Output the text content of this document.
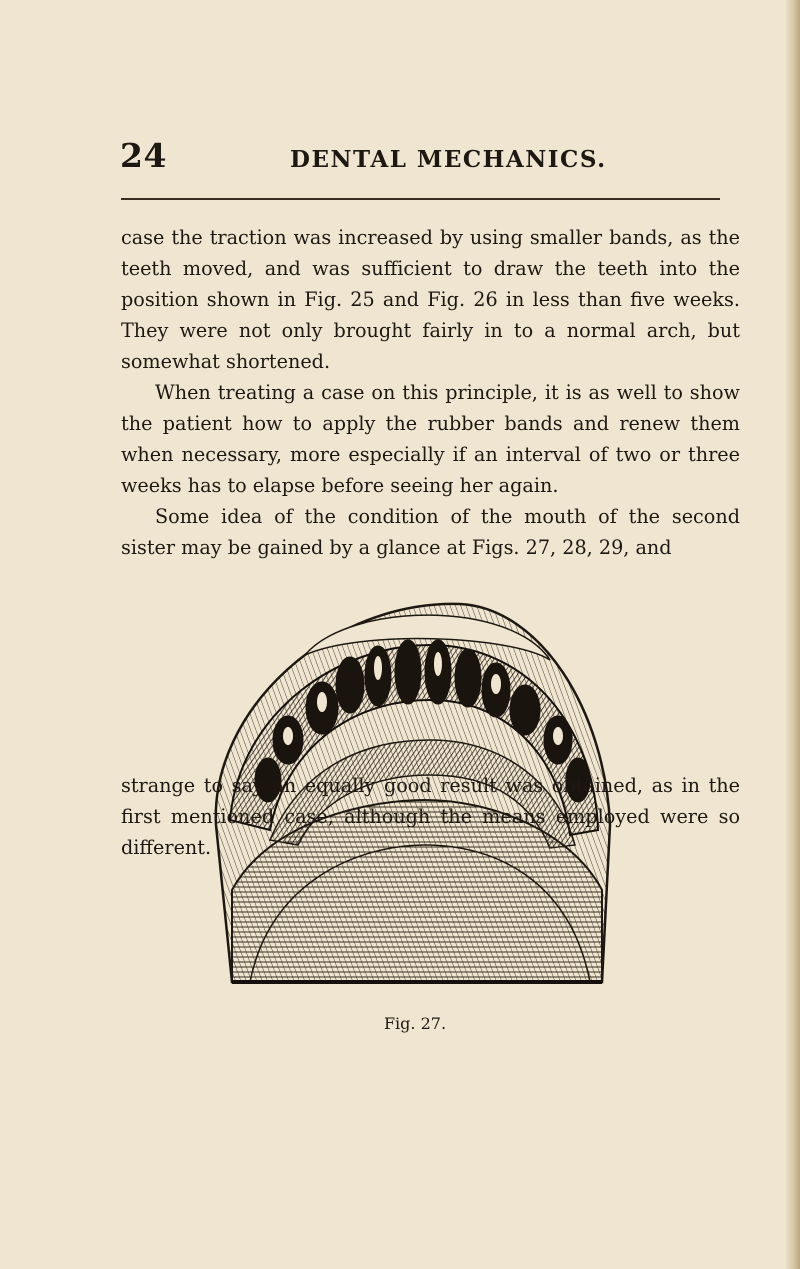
24	DENTAL MECHANICS.

case the traction was increased by using smaller bands, as the teeth moved, and was sufficient to draw the teeth into the position shown in Fig. 25 and Fig. 26 in less than five weeks. They were not only brought fairly in to a normal arch, but somewhat shortened.

When treating a case on this principle, it is as well to show the patient how to apply the rubber bands and renew them when necessary, more especially if an interval of two or three weeks has to elapse before seeing her again.

Some idea of the condition of the mouth of the second sister may be gained by a glance at Figs. 27, 28, 29, and

Fig. 27.

strange to say an equally good result was obtained, as in the first mentioned case, although the means employed were so different.
